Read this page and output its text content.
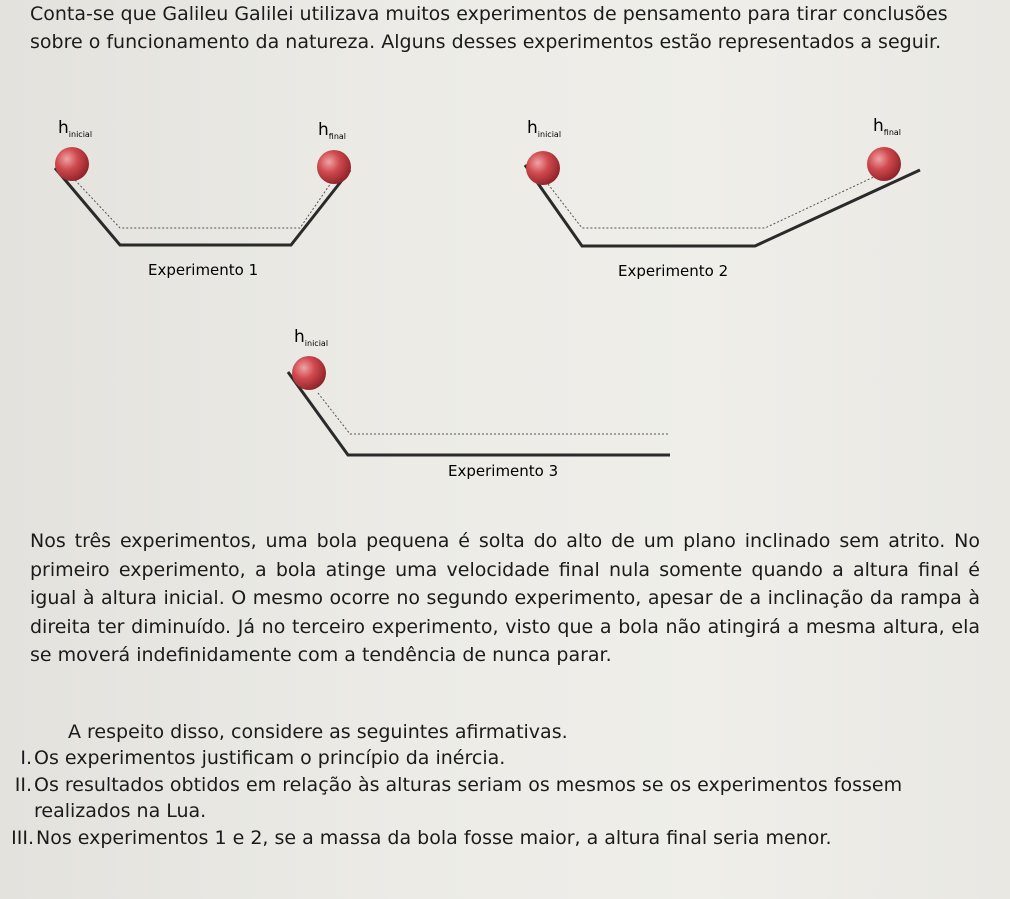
Conta-se que Galileu Galilei utilizava muitos experimentos de pensamento para tirar conclusões sobre o funcionamento da natureza. Alguns desses experimentos estão representados a seguir.

$h_{inicial}$	$h_{final}$
Experimento 1
$h_{inicial}$	$h_{final}$
Experimento 2
$h_{inicial}$
Experimento 3

Nos três experimentos, uma bola pequena é solta do alto de um plano inclinado sem atrito. No primeiro experimento, a bola atinge uma velocidade final nula somente quando a altura final é igual à altura inicial. O mesmo ocorre no segundo experimento, apesar de a inclinação da rampa à direita ter diminuído. Já no terceiro experimento, visto que a bola não atingirá a mesma altura, ela se moverá indefinidamente com a tendência de nunca parar.

A respeito disso, considere as seguintes afirmativas.

I. Os experimentos justificam o princípio da inércia.
II. Os resultados obtidos em relação às alturas seriam os mesmos se os experimentos fossem realizados na Lua.
III. Nos experimentos 1 e 2, se a massa da bola fosse maior, a altura final seria menor.
